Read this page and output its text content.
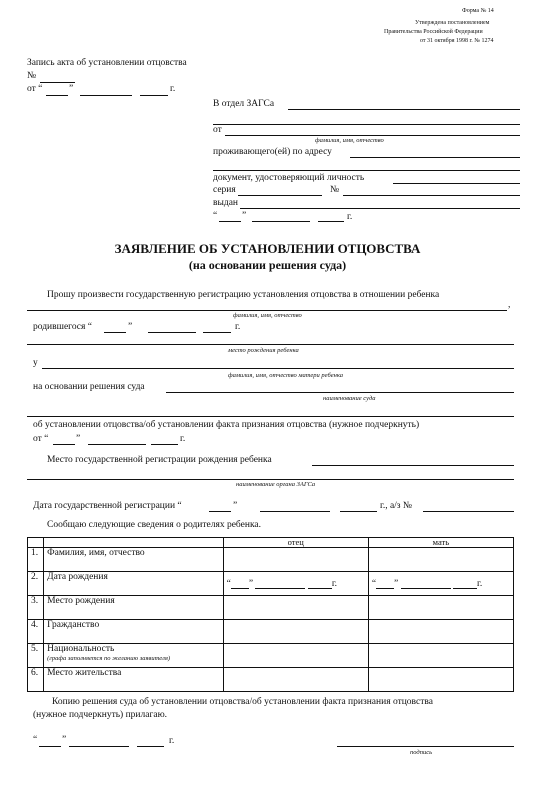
Форма № 14
Утверждена постановлением
Правительства Российской Федерации
от 31 октября 1998 г. № 1274
Запись акта об установлении отцовства
№
от “	”	г.
В отдел ЗАГСа
от
фамилия, имя, отчество
проживающего(ей) по адресу
документ, удостоверяющий личность
серия	№
выдан
“	”	г.
ЗАЯВЛЕНИЕ ОБ УСТАНОВЛЕНИИ ОТЦОВСТВА
(на основании решения суда)
Прошу произвести государственную регистрацию установления отцовства в отношении ребенка
,
фамилия, имя, отчество
родившегося “	”	г.
место рождения ребенка
у
фамилия, имя, отчество матери ребенка
на основании решения суда
наименование суда
об установлении отцовства/об установлении факта признания отцовства (нужное подчеркнуть)
от “	”	г.
Место государственной регистрации рождения ребенка
наименование органа ЗАГСа
Дата государственной регистрации “	”	г., а/з №
Сообщаю следующие сведения о родителях ребенка.
		отец	мать
1.	Фамилия, имя, отчество		
2.	Дата рождения	“ ” г.	“ ” г.
3.	Место рождения		
4.	Гражданство		
5.	Национальность
(графа заполняется по желанию заявителя)		

6.	Место жительства		
Копию решения суда об установлении отцовства/об установлении факта признания отцовства
(нужное подчеркнуть) прилагаю.
“	”	г.
подпись
